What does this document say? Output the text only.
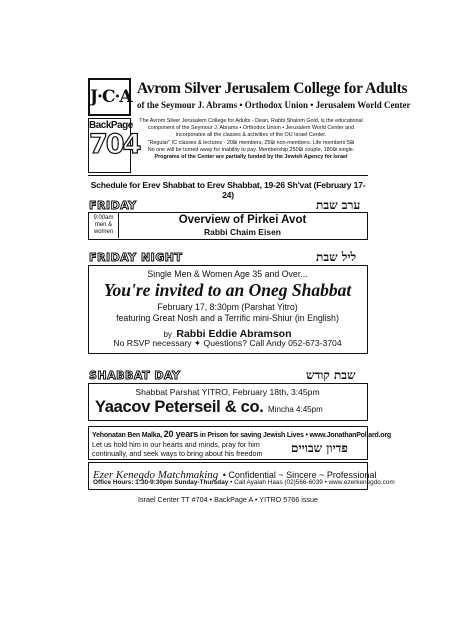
J·C·A Avrom Silver Jerusalem College for Adults
of the Seymour J. Abrams • Orthodox Union • Jerusalem World Center
BackPage
704
The Avrom Silver Jerusalem College for Adults - Dean, Rabbi Shalom Gold, is the educational
component of the Seymour J. Abrams • Orthodox Union • Jerusalem World Center and
incorporates all the classes & activities of the OU Israel Center.
"Regular" IC classes & lectures - 20₪ members, 25₪ non-members. Life members 5₪
No one will be turned away for inability to pay. Membership 250₪ couple, 180₪ single.
Programs of the Center are partially funded by the Jewish Agency for Israel
Schedule for Erev Shabbat to Erev Shabbat, 19-26 Sh'vat (February 17-24)
FRIDAY	ערב שבת
9:00am
men &
women
Overview of Pirkei Avot
Rabbi Chaim Eisen
FRIDAY NIGHT	ליל שבת
Single Men & Women Age 35 and Over...
You're invited to an Oneg Shabbat
February 17, 8:30pm (Parshat Yitro)
featuring Great Nosh and a Terrific mini-Shiur (in English)
by Rabbi Eddie Abramson
No RSVP necessary ✦ Questions? Call Andy 052-673-3704
SHABBAT DAY	שבת קודש
Shabbat Parshat YITRO, February 18th, 3:45pm
Yaacov Peterseil & co. Mincha 4:45pm
Yehonatan Ben Malka, 20 years in Prison for saving Jewish Lives • www.JonathanPollard.org
Let us hold him in our hearts and minds, pray for him
continually, and seek ways to bring about his freedom פדיון שבויים
Ezer Kenegdo Matchmaking • Confidential ~ Sincere ~ Professional
Office Hours: 1:30-9:30pm Sunday-Thursday • Call Ayalah Haas (02)566-6039 • www.ezerkenegdo.com
Israel Center TT #704 • BackPage A • YITRO 5766 issue
